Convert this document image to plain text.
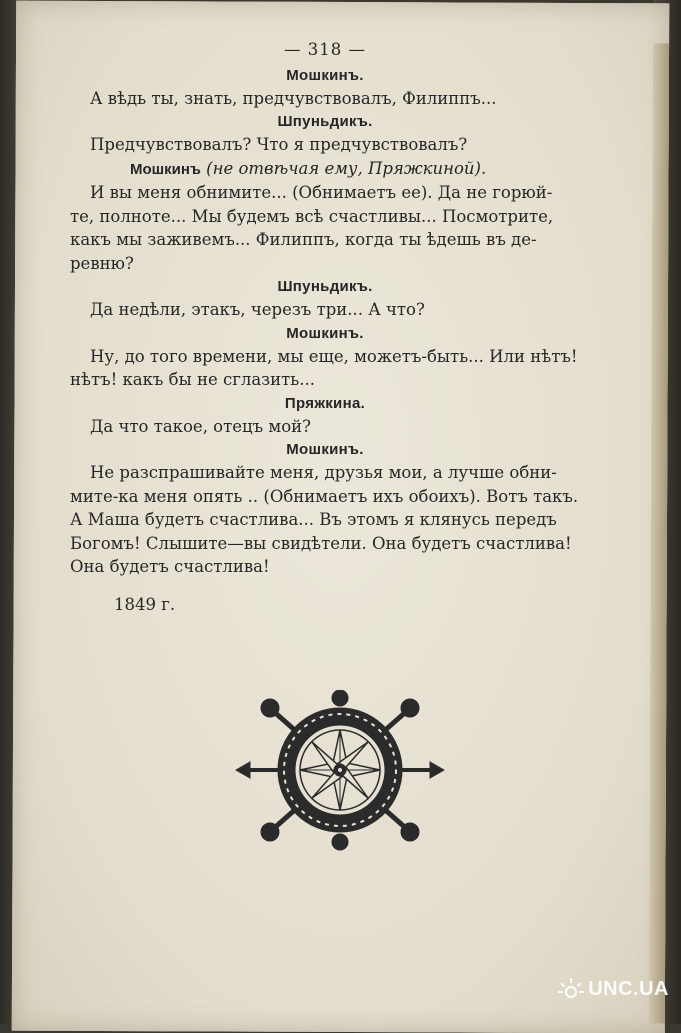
— 318 —
Мошкинъ.

А вѣдь ты, знать, предчувствовалъ, Филиппъ...

Шпуньдикъ.

Предчувствовалъ? Что я предчувствовалъ?

Мошкинъ (не отвѣчая ему, Пряжкиной).

И вы меня обнимите... (Обнимаетъ ее). Да не горюй-

те, полноте... Мы будемъ всѣ счастливы... Посмотрите,

какъ мы заживемъ... Филиппъ, когда ты ѣдешь въ де-

ревню?

Шпуньдикъ.

Да недѣли, этакъ, черезъ три... А что?

Мошкинъ.

Ну, до того времени, мы еще, можетъ-быть... Или нѣтъ!

нѣтъ! какъ бы не сглазить...

Пряжкина.

Да что такое, отецъ мой?

Мошкинъ.

Не разспрашивайте меня, друзья мои, а лучше обни-

мите-ка меня опять .. (Обнимаетъ ихъ обоихъ). Вотъ такъ.

А Маша будетъ счастлива... Въ этомъ я клянусь передъ

Богомъ! Слышите—вы свидѣтели. Она будетъ счастлива!

Она будетъ счастлива!

1849 г.
UNC.UA
